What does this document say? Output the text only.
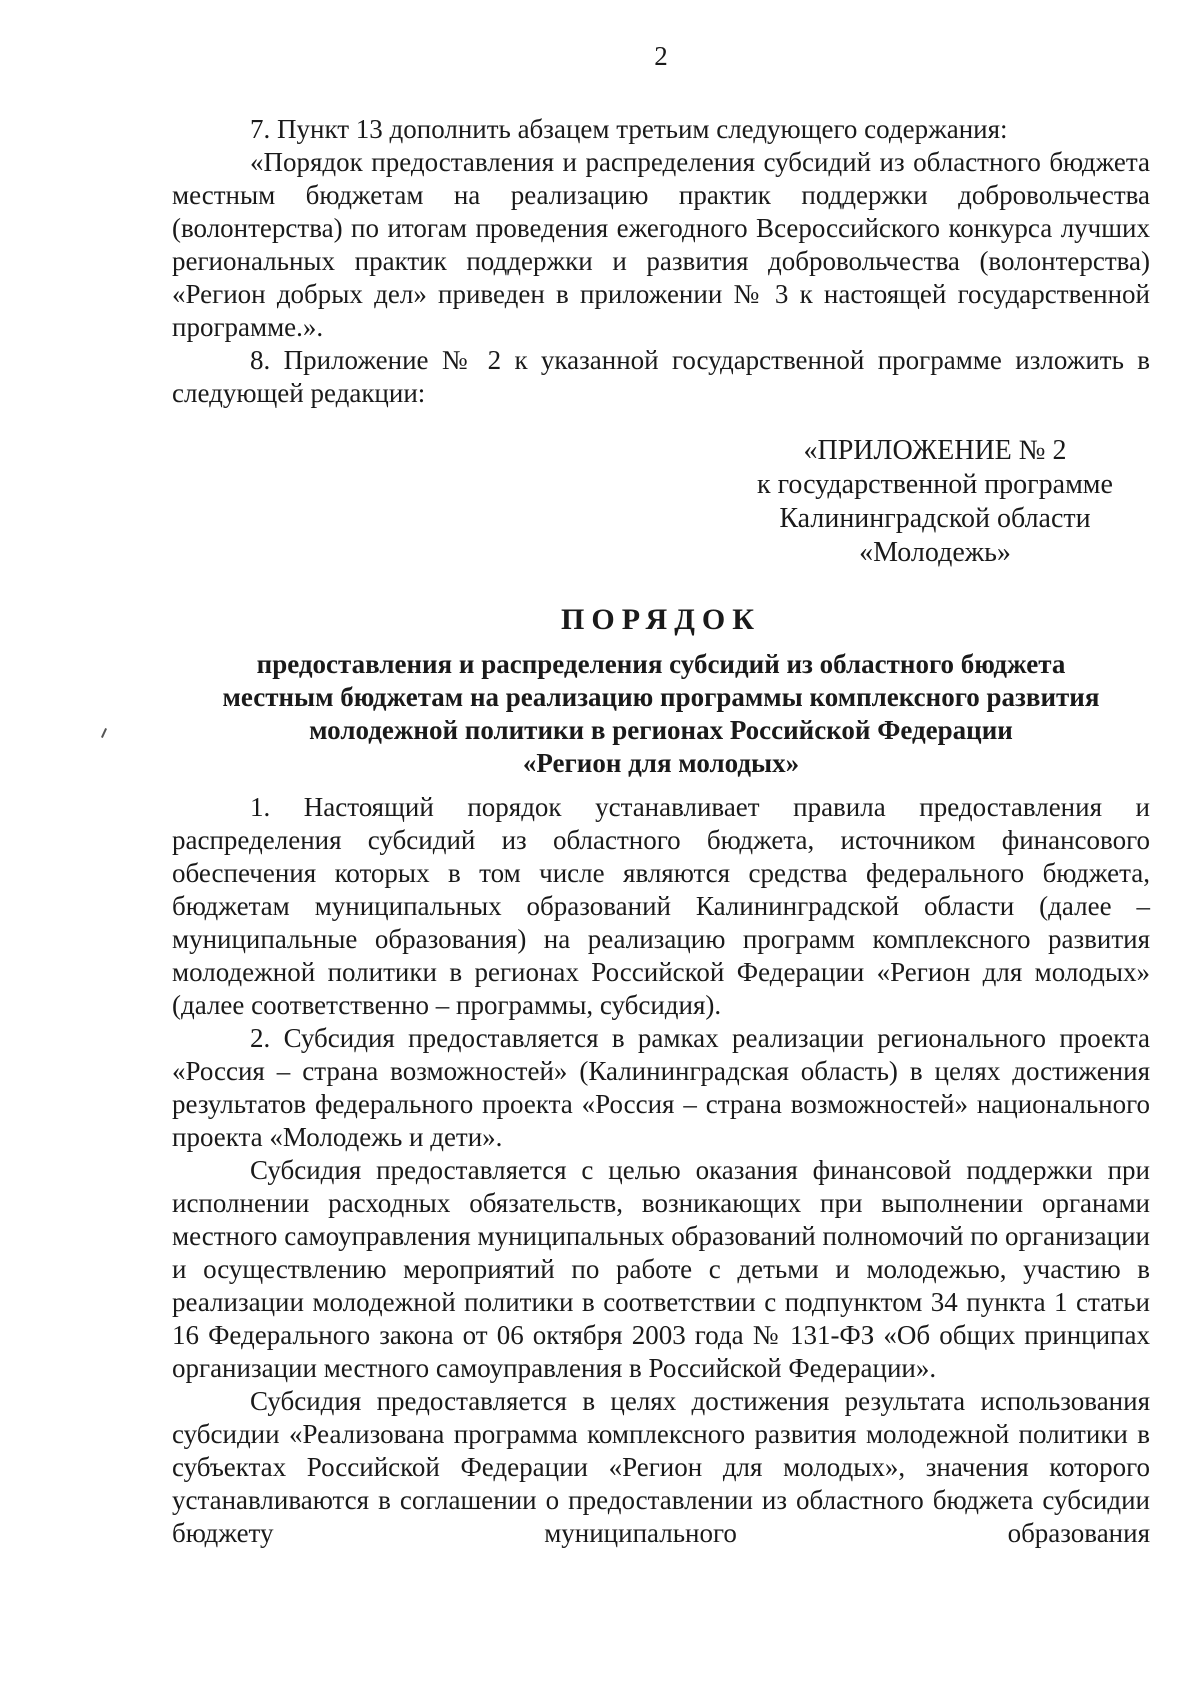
2

7. Пункт 13 дополнить абзацем третьим следующего содержания:

«Порядок предоставления и распределения субсидий из областного бюджета местным бюджетам на реализацию практик поддержки добровольчества (волонтерства) по итогам проведения ежегодного Всероссийского конкурса лучших региональных практик поддержки и развития добровольчества (волонтерства) «Регион добрых дел» приведен в приложении № 3 к настоящей государственной программе.».

8. Приложение № 2 к указанной государственной программе изложить в следующей редакции:

«ПРИЛОЖЕНИЕ № 2
к государственной программе
Калининградской области
«Молодежь»
ПОРЯДОК
предоставления и распределения субсидий из областного бюджета
местным бюджетам на реализацию программы комплексного развития
молодежной политики в регионах Российской Федерации
«Регион для молодых»

1. Настоящий порядок устанавливает правила предоставления и распределения субсидий из областного бюджета, источником финансового обеспечения которых в том числе являются средства федерального бюджета, бюджетам муниципальных образований Калининградской области (далее – муниципальные образования) на реализацию программ комплексного развития молодежной политики в регионах Российской Федерации «Регион для молодых» (далее соответственно – программы, субсидия).

2. Субсидия предоставляется в рамках реализации регионального проекта «Россия – страна возможностей» (Калининградская область) в целях достижения результатов федерального проекта «Россия – страна возможностей» национального проекта «Молодежь и дети».

Субсидия предоставляется с целью оказания финансовой поддержки при исполнении расходных обязательств, возникающих при выполнении органами местного самоуправления муниципальных образований полномочий по организации и осуществлению мероприятий по работе с детьми и молодежью, участию в реализации молодежной политики в соответствии с подпунктом 34 пункта 1 статьи 16 Федерального закона от 06 октября 2003 года № 131-ФЗ «Об общих принципах организации местного самоуправления в Российской Федерации».

Субсидия предоставляется в целях достижения результата использования субсидии «Реализована программа комплексного развития молодежной политики в субъектах Российской Федерации «Регион для молодых», значения которого устанавливаются в соглашении о предоставлении из областного бюджета субсидии бюджету муниципального образования
